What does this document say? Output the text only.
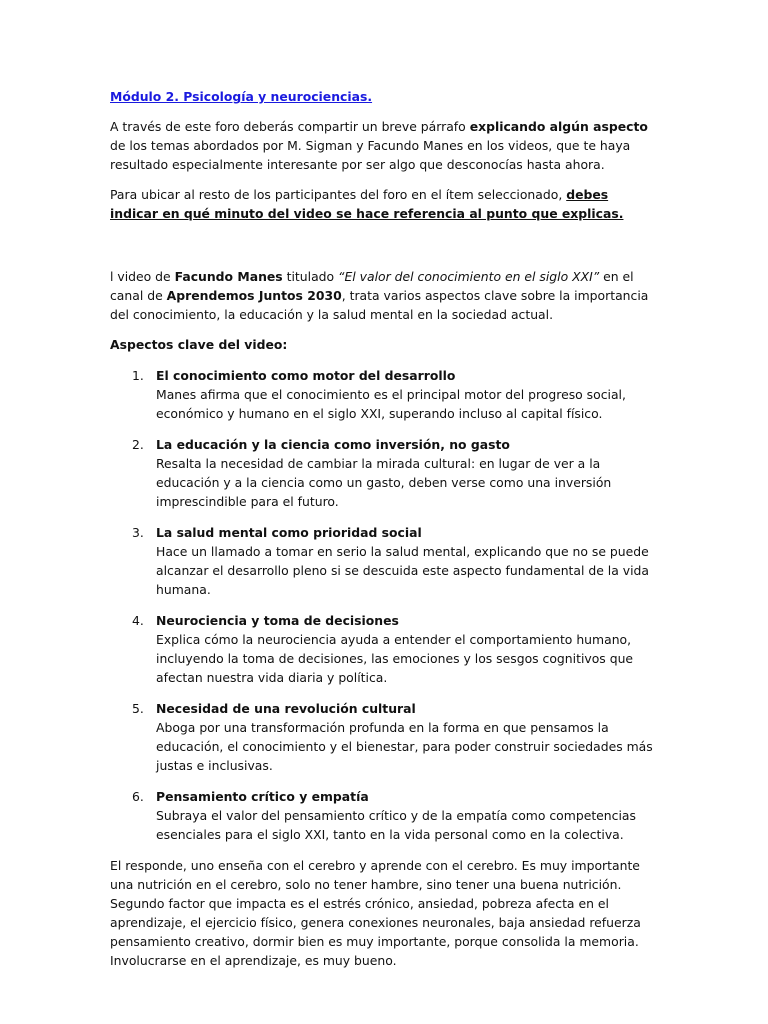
Módulo 2. Psicología y neurociencias.

A través de este foro deberás compartir un breve párrafo explicando algún aspecto de los temas abordados por M. Sigman y Facundo Manes en los videos, que te haya resultado especialmente interesante por ser algo que desconocías hasta ahora.

Para ubicar al resto de los participantes del foro en el ítem seleccionado, debes indicar en qué minuto del video se hace referencia al punto que explicas.

l video de Facundo Manes titulado “El valor del conocimiento en el siglo XXI” en el canal de Aprendemos Juntos 2030, trata varios aspectos clave sobre la importancia del conocimiento, la educación y la salud mental en la sociedad actual.

Aspectos clave del video:

1. El conocimiento como motor del desarrollo
Manes afirma que el conocimiento es el principal motor del progreso social, económico y humano en el siglo XXI, superando incluso al capital físico.
2. La educación y la ciencia como inversión, no gasto
Resalta la necesidad de cambiar la mirada cultural: en lugar de ver a la educación y a la ciencia como un gasto, deben verse como una inversión imprescindible para el futuro.
3. La salud mental como prioridad social
Hace un llamado a tomar en serio la salud mental, explicando que no se puede alcanzar el desarrollo pleno si se descuida este aspecto fundamental de la vida humana.
4. Neurociencia y toma de decisiones
Explica cómo la neurociencia ayuda a entender el comportamiento humano, incluyendo la toma de decisiones, las emociones y los sesgos cognitivos que afectan nuestra vida diaria y política.
5. Necesidad de una revolución cultural
Aboga por una transformación profunda en la forma en que pensamos la educación, el conocimiento y el bienestar, para poder construir sociedades más justas e inclusivas.
6. Pensamiento crítico y empatía
Subraya el valor del pensamiento crítico y de la empatía como competencias esenciales para el siglo XXI, tanto en la vida personal como en la colectiva.

El responde, uno enseña con el cerebro y aprende con el cerebro. Es muy importante una nutrición en el cerebro, solo no tener hambre, sino tener una buena nutrición. Segundo factor que impacta es el estrés crónico, ansiedad, pobreza afecta en el aprendizaje, el ejercicio físico, genera conexiones neuronales, baja ansiedad refuerza pensamiento creativo, dormir bien es muy importante, porque consolida la memoria. Involucrarse en el aprendizaje, es muy bueno.
